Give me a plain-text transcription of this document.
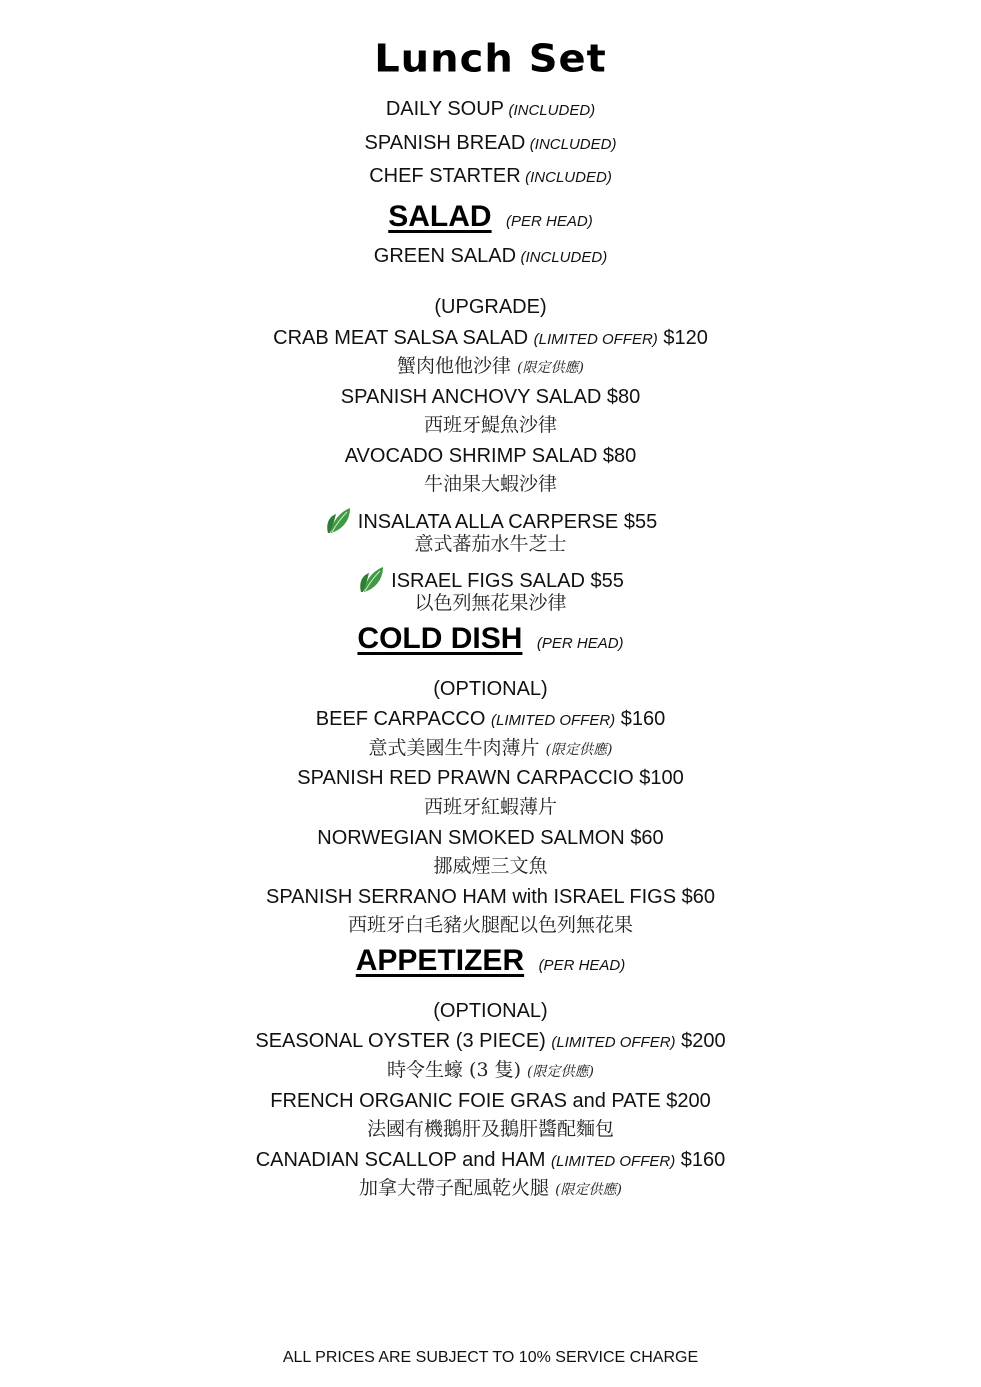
Lunch Set
DAILY SOUP (INCLUDED)
SPANISH BREAD (INCLUDED)
CHEF STARTER (INCLUDED)
SALAD (PER HEAD)
GREEN SALAD (INCLUDED)
(UPGRADE)
CRAB MEAT SALSA SALAD (LIMITED OFFER) $120
蟹肉他他沙律 (限定供應)
SPANISH ANCHOVY SALAD $80
西班牙鯷魚沙律
AVOCADO SHRIMP SALAD $80
牛油果大蝦沙律
INSALATA ALLA CARPERSE $55
意式蕃茄水牛芝士
ISRAEL FIGS SALAD $55
以色列無花果沙律
COLD DISH (PER HEAD)
(OPTIONAL)
BEEF CARPACCO (LIMITED OFFER) $160
意式美國生牛肉薄片 (限定供應)
SPANISH RED PRAWN CARPACCIO $100
西班牙紅蝦薄片
NORWEGIAN SMOKED SALMON $60
挪威煙三文魚
SPANISH SERRANO HAM with ISRAEL FIGS $60
西班牙白毛豬火腿配以色列無花果
APPETIZER (PER HEAD)
(OPTIONAL)
SEASONAL OYSTER (3 PIECE) (LIMITED OFFER) $200
時令生蠔 (3 隻) (限定供應)
FRENCH ORGANIC FOIE GRAS and PATE $200
法國有機鵝肝及鵝肝醬配麵包
CANADIAN SCALLOP and HAM (LIMITED OFFER) $160
加拿大帶子配風乾火腿 (限定供應)
ALL PRICES ARE SUBJECT TO 10% SERVICE CHARGE
